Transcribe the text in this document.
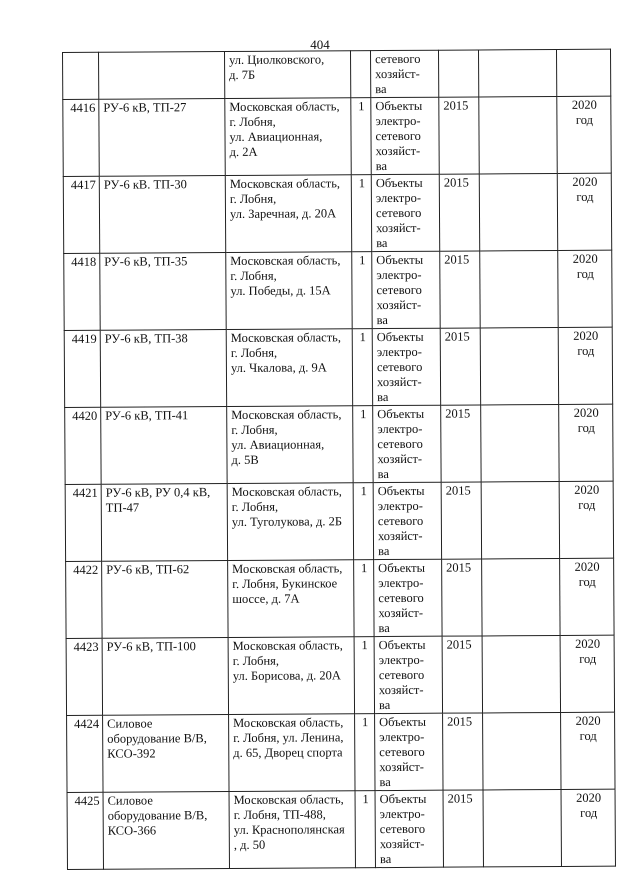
404

		ул. Циолковского,
д. 7Б		сетевого
хозяйст-
ва			

4416	РУ-6 кВ, ТП-27	Московская область,
г. Лобня,
ул. Авиационная,
д. 2А	1	Объекты
электро-
сетевого
хозяйст-
ва	2015		2020
год

4417	РУ-6 кВ. ТП-30	Московская область,
г. Лобня,
ул. Заречная, д. 20А	1	Объекты
электро-
сетевого
хозяйст-
ва	2015		2020
год

4418	РУ-6 кВ, ТП-35	Московская область,
г. Лобня,
ул. Победы, д. 15А	1	Объекты
электро-
сетевого
хозяйст-
ва	2015		2020
год

4419	РУ-6 кВ, ТП-38	Московская область,
г. Лобня,
ул. Чкалова, д. 9А	1	Объекты
электро-
сетевого
хозяйст-
ва	2015		2020
год

4420	РУ-6 кВ, ТП-41	Московская область,
г. Лобня,
ул. Авиационная,
д. 5В	1	Объекты
электро-
сетевого
хозяйст-
ва	2015		2020
год

4421	РУ-6 кВ, РУ 0,4 кВ,
ТП-47	Московская область,
г. Лобня,
ул. Туголукова, д. 2Б	1	Объекты
электро-
сетевого
хозяйст-
ва	2015		2020
год

4422	РУ-6 кВ, ТП-62	Московская область,
г. Лобня, Букинское
шоссе, д. 7А	1	Объекты
электро-
сетевого
хозяйст-
ва	2015		2020
год

4423	РУ-6 кВ, ТП-100	Московская область,
г. Лобня,
ул. Борисова, д. 20А	1	Объекты
электро-
сетевого
хозяйст-
ва	2015		2020
год

4424	Силовое
оборудование В/В,
КСО-392	Московская область,
г. Лобня, ул. Ленина,
д. 65, Дворец спорта	1	Объекты
электро-
сетевого
хозяйст-
ва	2015		2020
год

4425	Силовое
оборудование В/В,
КСО-366	Московская область,
г. Лобня, ТП-488,
ул. Краснополянская
, д. 50	1	Объекты
электро-
сетевого
хозяйст-
ва	2015		2020
год
